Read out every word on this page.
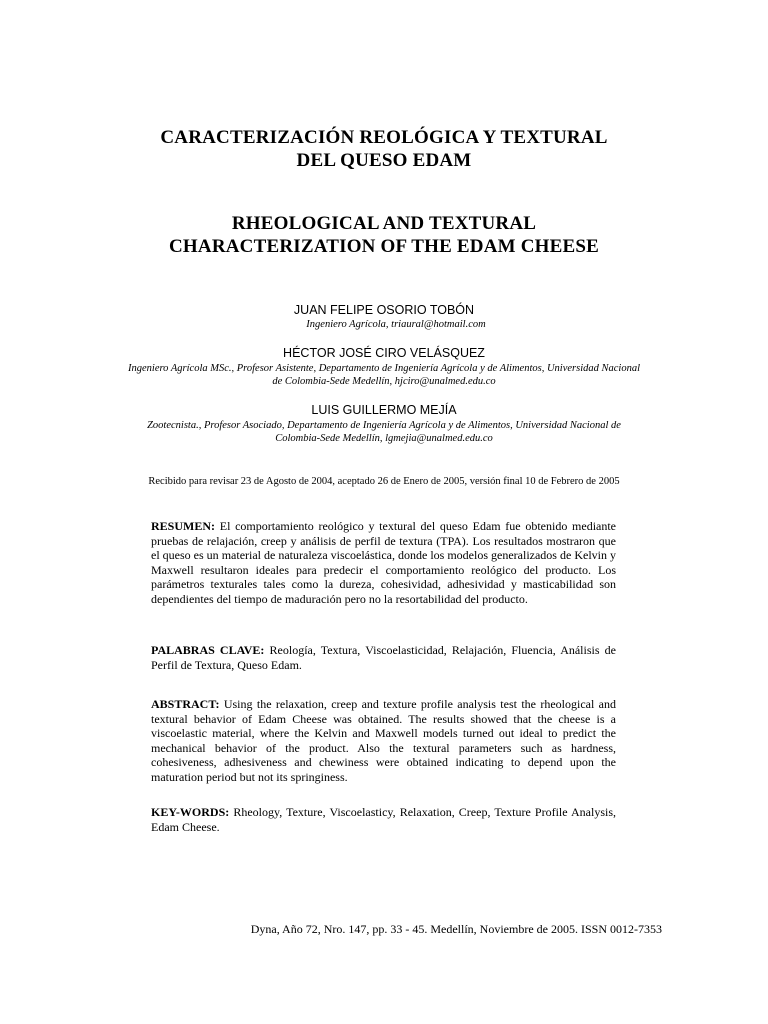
CARACTERIZACIÓN REOLÓGICA Y TEXTURAL
DEL QUESO EDAM
RHEOLOGICAL AND TEXTURAL
CHARACTERIZATION OF THE EDAM CHEESE
JUAN FELIPE OSORIO TOBÓN
Ingeniero Agrícola, triaural@hotmail.com
HÉCTOR JOSÉ CIRO VELÁSQUEZ
Ingeniero Agrícola MSc., Profesor Asistente, Departamento de Ingeniería Agrícola y de Alimentos, Universidad Nacional
de Colombia-Sede Medellín, hjciro@unalmed.edu.co
LUIS GUILLERMO MEJÍA
Zootecnista., Profesor Asociado, Departamento de Ingeniería Agrícola y de Alimentos, Universidad Nacional de
Colombia-Sede Medellín, lgmejia@unalmed.edu.co
Recibido para revisar 23 de Agosto de 2004, aceptado 26 de Enero de 2005, versión final 10 de Febrero de 2005
RESUMEN: El comportamiento reológico y textural del queso Edam fue obtenido mediante pruebas de relajación, creep y análisis de perfil de textura (TPA). Los resultados mostraron que el queso es un material de naturaleza viscoelástica, donde los modelos generalizados de Kelvin y Maxwell resultaron ideales para predecir el comportamiento reológico del producto. Los parámetros texturales tales como la dureza, cohesividad, adhesividad y masticabilidad son dependientes del tiempo de maduración pero no la resortabilidad del producto.
PALABRAS CLAVE: Reología, Textura, Viscoelasticidad, Relajación, Fluencia, Análisis de Perfil de Textura, Queso Edam.
ABSTRACT: Using the relaxation, creep and texture profile analysis test the rheological and textural behavior of Edam Cheese was obtained. The results showed that the cheese is a viscoelastic material, where the Kelvin and Maxwell models turned out ideal to predict the mechanical behavior of the product. Also the textural parameters such as hardness, cohesiveness, adhesiveness and chewiness were obtained indicating to depend upon the maturation period but not its springiness.
KEY-WORDS: Rheology, Texture, Viscoelasticy, Relaxation, Creep, Texture Profile Analysis, Edam Cheese.
Dyna, Año 72, Nro. 147, pp. 33 - 45. Medellín, Noviembre de 2005. ISSN 0012-7353
